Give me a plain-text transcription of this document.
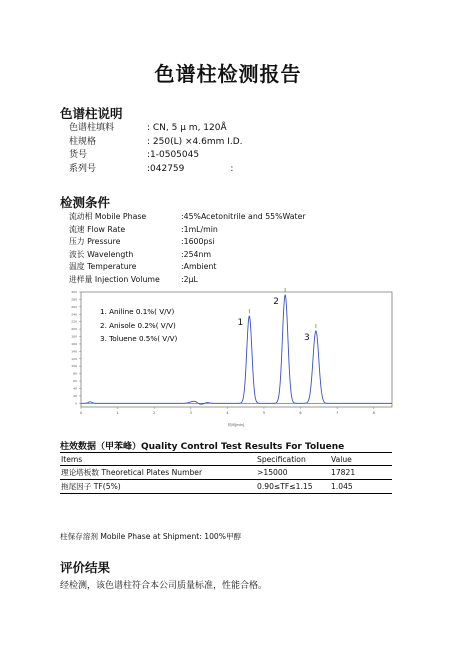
色谱柱检测报告
色谱柱说明
色谱柱填料	: CN, 5 μ m, 120Å
柱规格	: 250(L) ×4.6mm I.D.
货号	:1-0505045
系列号	:042759	:
检测条件
流动相 Mobile Phase	:45%Acetonitrile and 55%Water
流速 Flow Rate	:1mL/min
压力 Pressure	:1600psi
波长 Wavelength	:254nm
温度 Temperature	:Ambient
进样量 Injection Volume	:2μL
0
20
40
60
80
100
120
140
160
180
200
220
240
260
280
300
0	1	2	3	4	5	6	7	8
1
2
3
1. Aniline 0.1%( V/V)
2. Anisole 0.2%( V/V)
3. Toluene 0.5%( V/V)
时间[min]
柱效数据（甲苯峰）Quality Control Test Results For Toluene
Items	Specification	Value
理论塔板数 Theoretical Plates Number	>15000	17821
拖尾因子 TF(5%)	0.90≤TF≤1.15	1.045
柱保存溶剂 Mobile Phase at Shipment: 100%甲醇
评价结果
经检测，该色谱柱符合本公司质量标准，性能合格。
